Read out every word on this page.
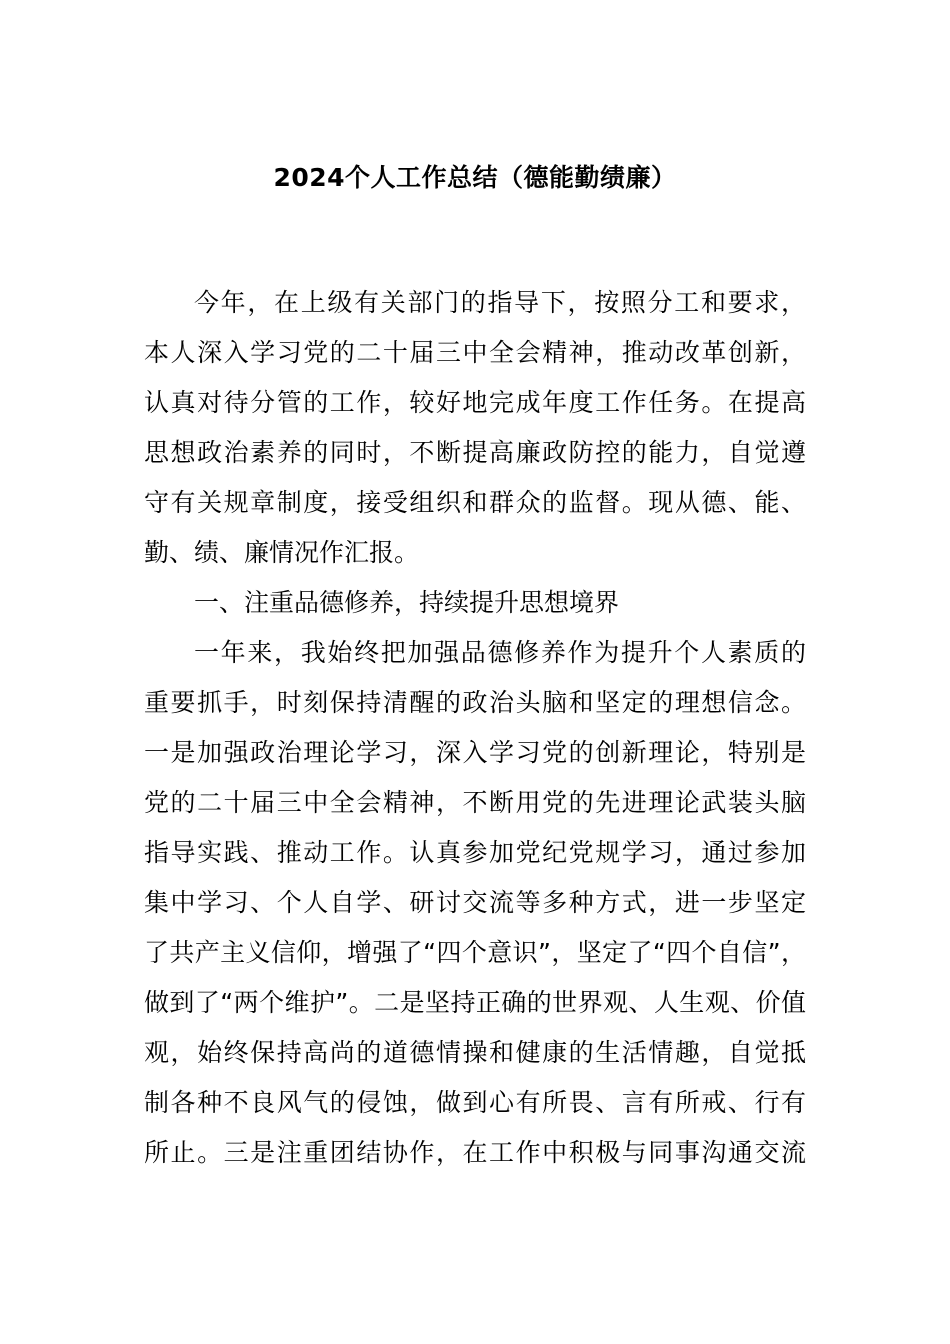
2024个人工作总结（德能勤绩廉）
今年，在上级有关部门的指导下，按照分工和要求，
本人深入学习党的二十届三中全会精神，推动改革创新，
认真对待分管的工作，较好地完成年度工作任务。在提高
思想政治素养的同时，不断提高廉政防控的能力，自觉遵
守有关规章制度，接受组织和群众的监督。现从德、能、
勤、绩、廉情况作汇报。
一、注重品德修养，持续提升思想境界
一年来，我始终把加强品德修养作为提升个人素质的
重要抓手，时刻保持清醒的政治头脑和坚定的理想信念。
一是加强政治理论学习，深入学习党的创新理论，特别是
党的二十届三中全会精神，不断用党的先进理论武装头脑
指导实践、推动工作。认真参加党纪党规学习，通过参加
集中学习、个人自学、研讨交流等多种方式，进一步坚定
了共产主义信仰，增强了“四个意识”，坚定了“四个自信”，
做到了“两个维护”。二是坚持正确的世界观、人生观、价值
观，始终保持高尚的道德情操和健康的生活情趣，自觉抵
制各种不良风气的侵蚀，做到心有所畏、言有所戒、行有
所止。三是注重团结协作，在工作中积极与同事沟通交流
